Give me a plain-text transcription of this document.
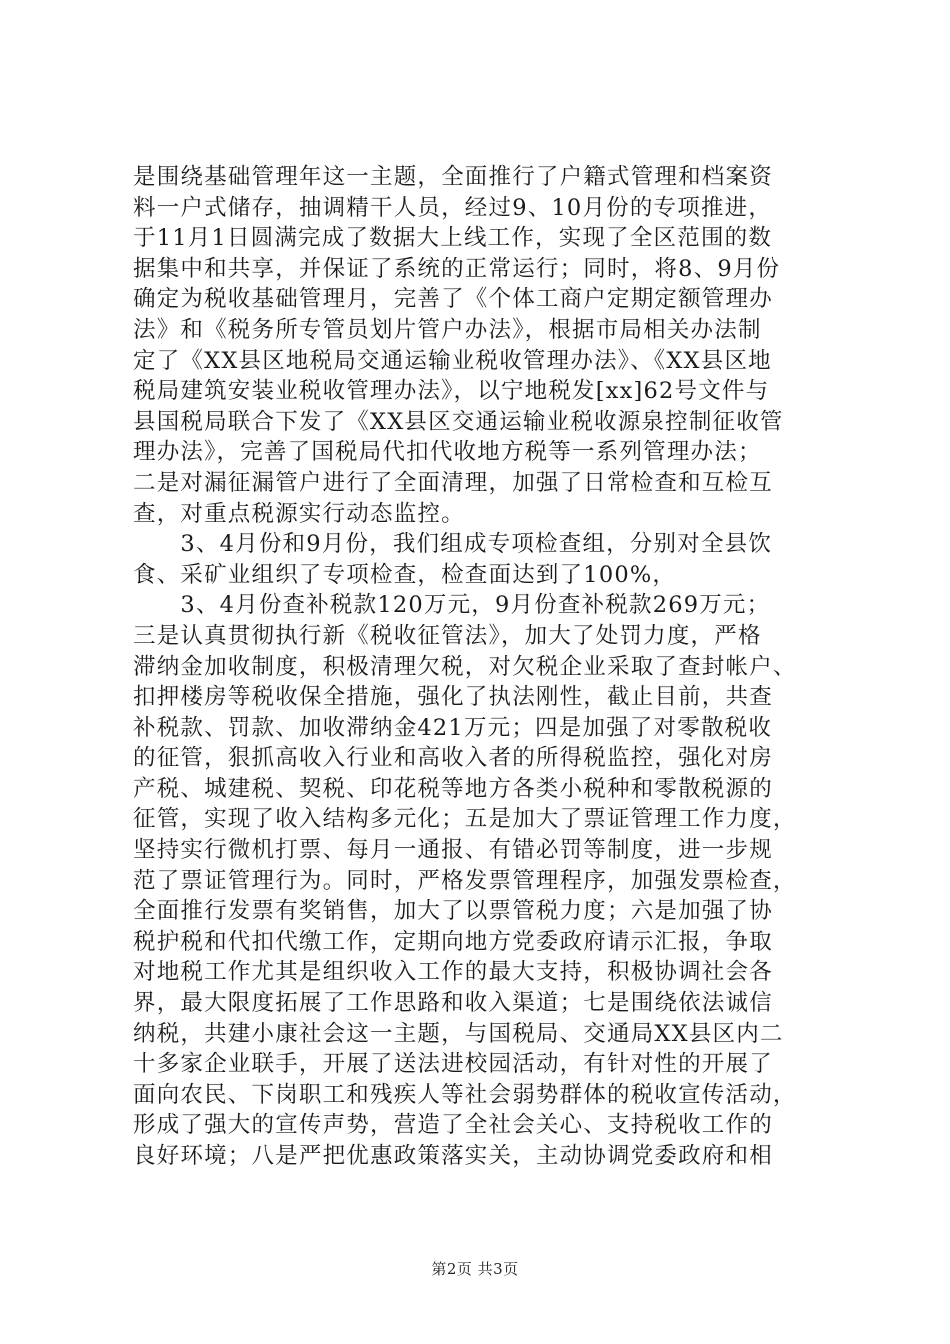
是围绕基础管理年这一主题，全面推行了户籍式管理和档案资
料一户式储存，抽调精干人员，经过9、10月份的专项推进，
于11月1日圆满完成了数据大上线工作，实现了全区范围的数
据集中和共享，并保证了系统的正常运行；同时，将8、9月份
确定为税收基础管理月，完善了《个体工商户定期定额管理办
法》和《税务所专管员划片管户办法》，根据市局相关办法制
定了《XX县区地税局交通运输业税收管理办法》、《XX县区地
税局建筑安装业税收管理办法》，以宁地税发[xx]62号文件与
县国税局联合下发了《XX县区交通运输业税收源泉控制征收管
理办法》，完善了国税局代扣代收地方税等一系列管理办法；
二是对漏征漏管户进行了全面清理，加强了日常检查和互检互
查，对重点税源实行动态监控。
　　3、4月份和9月份，我们组成专项检查组，分别对全县饮
食、采矿业组织了专项检查，检查面达到了100%，
　　3、4月份查补税款120万元，9月份查补税款269万元；
三是认真贯彻执行新《税收征管法》，加大了处罚力度，严格
滞纳金加收制度，积极清理欠税，对欠税企业采取了查封帐户、
扣押楼房等税收保全措施，强化了执法刚性，截止目前，共查
补税款、罚款、加收滞纳金421万元；四是加强了对零散税收
的征管，狠抓高收入行业和高收入者的所得税监控，强化对房
产税、城建税、契税、印花税等地方各类小税种和零散税源的
征管，实现了收入结构多元化；五是加大了票证管理工作力度，
坚持实行微机打票、每月一通报、有错必罚等制度，进一步规
范了票证管理行为。同时，严格发票管理程序，加强发票检查，
全面推行发票有奖销售，加大了以票管税力度；六是加强了协
税护税和代扣代缴工作，定期向地方党委政府请示汇报，争取
对地税工作尤其是组织收入工作的最大支持，积极协调社会各
界，最大限度拓展了工作思路和收入渠道；七是围绕依法诚信
纳税，共建小康社会这一主题，与国税局、交通局XX县区内二
十多家企业联手，开展了送法进校园活动，有针对性的开展了
面向农民、下岗职工和残疾人等社会弱势群体的税收宣传活动，
形成了强大的宣传声势，营造了全社会关心、支持税收工作的
良好环境；八是严把优惠政策落实关，主动协调党委政府和相
第2页 共3页
